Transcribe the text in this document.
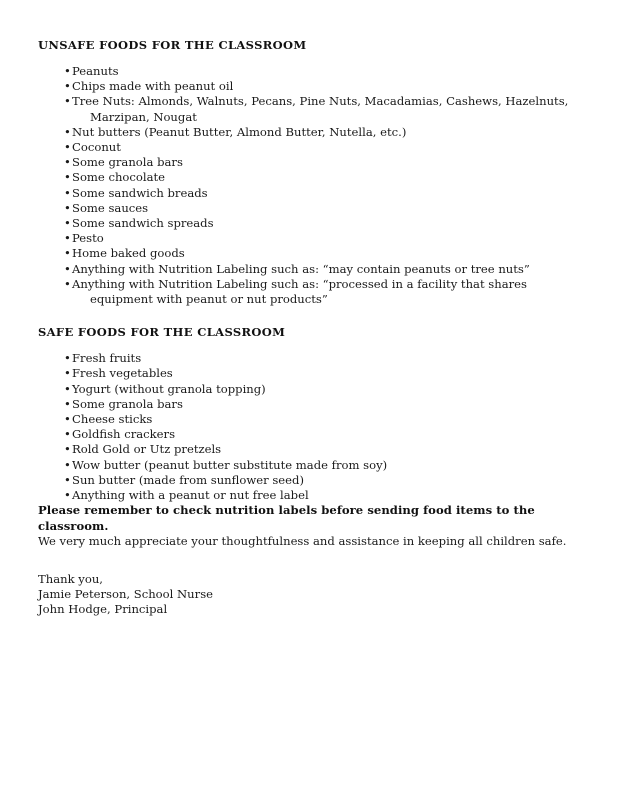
UNSAFE FOODS FOR THE CLASSROOM
• Peanuts
• Chips made with peanut oil
• Tree Nuts: Almonds, Walnuts, Pecans, Pine Nuts, Macadamias, Cashews, Hazelnuts, Marzipan, Nougat
• Nut butters (Peanut Butter, Almond Butter, Nutella, etc.)
• Coconut
• Some granola bars
• Some chocolate
• Some sandwich breads
• Some sauces
• Some sandwich spreads
• Pesto
• Home baked goods
• Anything with Nutrition Labeling such as: “may contain peanuts or tree nuts”
• Anything with Nutrition Labeling such as: “processed in a facility that shares equipment with peanut or nut products”
SAFE FOODS FOR THE CLASSROOM
• Fresh fruits
• Fresh vegetables
• Yogurt (without granola topping)
• Some granola bars
• Cheese sticks
• Goldfish crackers
• Rold Gold or Utz pretzels
• Wow butter (peanut butter substitute made from soy)
• Sun butter (made from sunflower seed)
• Anything with a peanut or nut free label

Please remember to check nutrition labels before sending food items to the classroom.

We very much appreciate your thoughtfulness and assistance in keeping all children safe.

Thank you,

Jamie Peterson, School Nurse

John Hodge, Principal
